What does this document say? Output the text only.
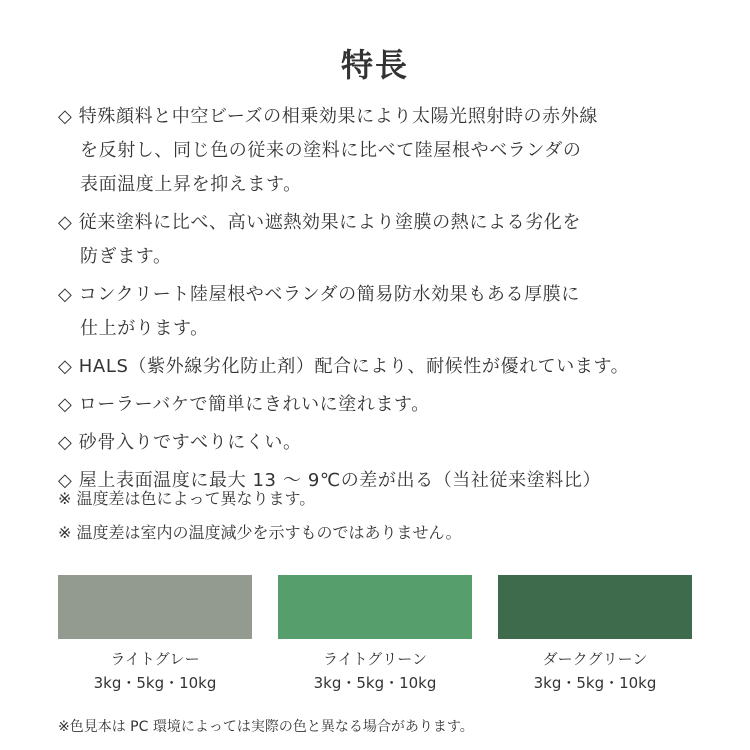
特長
◇ 特殊顔料と中空ビーズの相乗効果により太陽光照射時の赤外線
を反射し、同じ色の従来の塗料に比べて陸屋根やベランダの
表面温度上昇を抑えます。
◇ 従来塗料に比べ、高い遮熱効果により塗膜の熱による劣化を
防ぎます。
◇ コンクリート陸屋根やベランダの簡易防水効果もある厚膜に
仕上がります。
◇ HALS（紫外線劣化防止剤）配合により、耐候性が優れています。
◇ ローラーバケで簡単にきれいに塗れます。
◇ 砂骨入りですべりにくい。
◇ 屋上表面温度に最大 13 ～ 9℃の差が出る（当社従来塗料比）
※ 温度差は色によって異なります。
※ 温度差は室内の温度減少を示すものではありません。
ライトグレー
3kg・5kg・10kg
ライトグリーン
3kg・5kg・10kg
ダークグリーン
3kg・5kg・10kg
※色見本は PC 環境によっては実際の色と異なる場合があります。
